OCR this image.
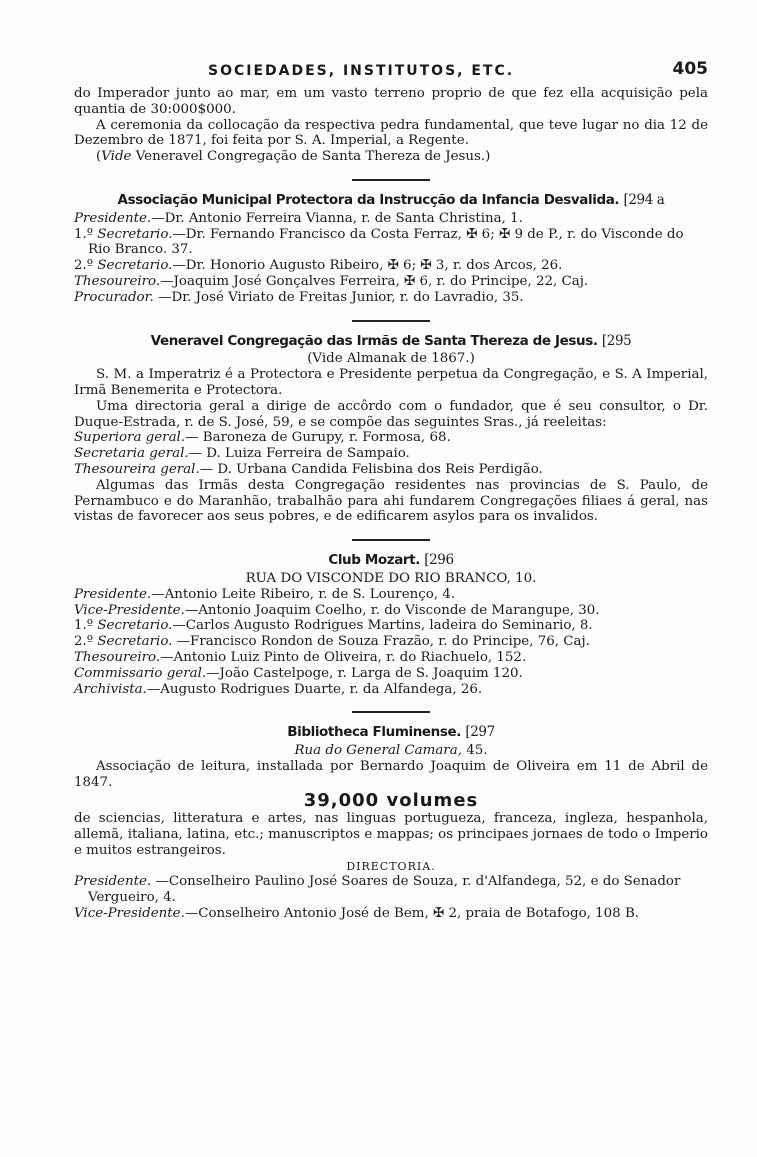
SOCIEDADES, INSTITUTOS, ETC.	405

do Imperador junto ao mar, em um vasto terreno proprio de que fez ella acquisição pela quantia de 30:000$000.

A ceremonia da collocação da respectiva pedra fundamental, que teve lugar no dia 12 de Dezembro de 1871, foi feita por S. A. Imperial, a Regente.

(Vide Veneravel Congregação de Santa Thereza de Jesus.)

Associação Municipal Protectora da Instrucção da Infancia Desvalida. [294 a

Presidente.—Dr. Antonio Ferreira Vianna, r. de Santa Christina, 1.

1.º Secretario.—Dr. Fernando Francisco da Costa Ferraz, ✠ 6; ✠ 9 de P., r. do Visconde do Rio Branco. 37.

2.º Secretario.—Dr. Honorio Augusto Ribeiro, ✠ 6; ✠ 3, r. dos Arcos, 26.

Thesoureiro.—Joaquim José Gonçalves Ferreira, ✠ 6, r. do Principe, 22, Caj.

Procurador. —Dr. José Viriato de Freitas Junior, r. do Lavradio, 35.

Veneravel Congregação das Irmãs de Santa Thereza de Jesus. [295

(Vide Almanak de 1867.)

S. M. a Imperatriz é a Protectora e Presidente perpetua da Congregação, e S. A Imperial, Irmã Benemerita e Protectora.

Uma directoria geral a dirige de accôrdo com o fundador, que é seu consultor, o Dr. Duque-Estrada, r. de S. José, 59, e se compõe das seguintes Sras., já reeleitas:

Superiora geral.— Baroneza de Gurupy, r. Formosa, 68.

Secretaria geral.— D. Luiza Ferreira de Sampaio.

Thesoureira geral.— D. Urbana Candida Felisbina dos Reis Perdigão.

Algumas das Irmãs desta Congregação residentes nas provincias de S. Paulo, de Pernambuco e do Maranhão, trabalhão para ahi fundarem Congregações filiaes á geral, nas vistas de favorecer aos seus pobres, e de edificarem asylos para os invalidos.

Club Mozart. [296

RUA DO VISCONDE DO RIO BRANCO, 10.

Presidente.—Antonio Leite Ribeiro, r. de S. Lourenço, 4.

Vice-Presidente.—Antonio Joaquim Coelho, r. do Visconde de Marangupe, 30.

1.º Secretario.—Carlos Augusto Rodrigues Martins, ladeira do Seminario, 8.

2.º Secretario. —Francisco Rondon de Souza Frazão, r. do Principe, 76, Caj.

Thesoureiro.—Antonio Luiz Pinto de Oliveira, r. do Riachuelo, 152.

Commissario geral.—João Castelpoge, r. Larga de S. Joaquim 120.

Archivista.—Augusto Rodrigues Duarte, r. da Alfandega, 26.

Bibliotheca Fluminense. [297

Rua do General Camara, 45.

Associação de leitura, installada por Bernardo Joaquim de Oliveira em 11 de Abril de 1847.

39,000 volumes

de sciencias, litteratura e artes, nas linguas portugueza, franceza, ingleza, hespanhola, allemã, italiana, latina, etc.; manuscriptos e mappas; os principaes jornaes de todo o Imperio e muitos estrangeiros.

DIRECTORIA.

Presidente. —Conselheiro Paulino José Soares de Souza, r. d'Alfandega, 52, e do Senador Vergueiro, 4.

Vice-Presidente.—Conselheiro Antonio José de Bem, ✠ 2, praia de Botafogo, 108 B.
